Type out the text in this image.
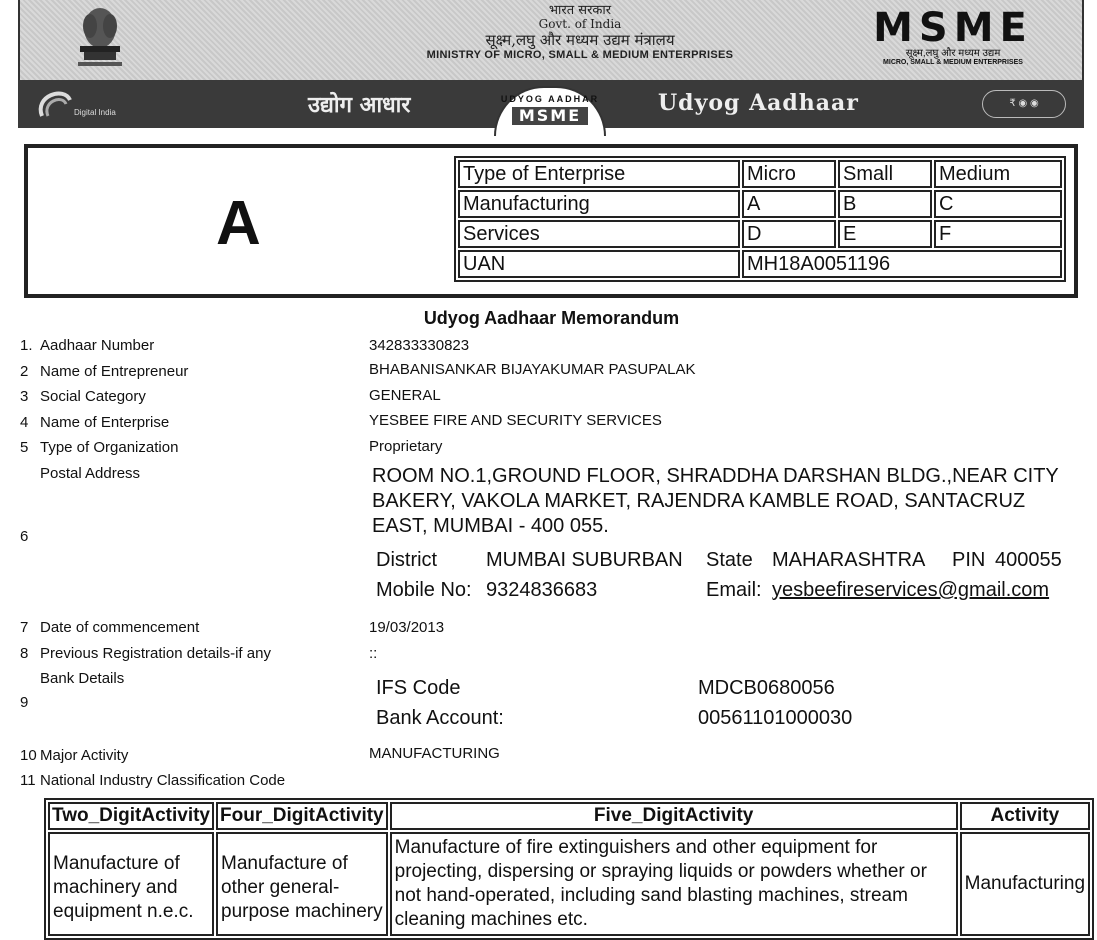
भारत सरकार
Govt. of India
सूक्ष्म,लघु और मध्यम उद्यम मंत्रालय
MINISTRY OF MICRO, SMALL & MEDIUM ENTERPRISES
MSME
सूक्ष्म,लघु और मध्यम उद्यम
MICRO, SMALL & MEDIUM ENTERPRISES
Digital India	उद्योग आधार	Udyog Aadhaar	₹ ◉ ◉
UDYOG AADHAR
MSME
A
Type of Enterprise	Micro	Small	Medium
Manufacturing	A	B	C
Services	D	E	F
UAN	MH18A0051196		
Udyog Aadhaar Memorandum
1. Aadhaar Number	342833330823
2 Name of Entrepreneur	BHABANISANKAR BIJAYAKUMAR PASUPALAK
3 Social Category	GENERAL
4 Name of Enterprise	YESBEE FIRE AND SECURITY SERVICES
5 Type of Organization	Proprietary
Postal Address
6
ROOM NO.1,GROUND FLOOR, SHRADDHA DARSHAN BLDG.,NEAR CITY BAKERY, VAKOLA MARKET, RAJENDRA KAMBLE ROAD, SANTACRUZ EAST, MUMBAI - 400 055.
District MUMBAI SUBURBAN State MAHARASHTRA PIN 400055
Mobile No: 9324836683	Email: yesbeefireservices@gmail.com
7 Date of commencement	19/03/2013
8 Previous Registration details-if any	::
Bank Details
9
IFS Code	MDCB0680056
Bank Account:	00561101000030
10 Major Activity	MANUFACTURING
11 National Industry Classification Code
Two_DigitActivity	Four_DigitActivity	Five_DigitActivity	Activity
Manufacture of machinery and equipment n.e.c.	Manufacture of other general-purpose machinery	Manufacture of fire extinguishers and other equipment for projecting, dispersing or spraying liquids or powders whether or not hand-operated, including sand blasting machines, stream cleaning machines etc.	Manufacturing
